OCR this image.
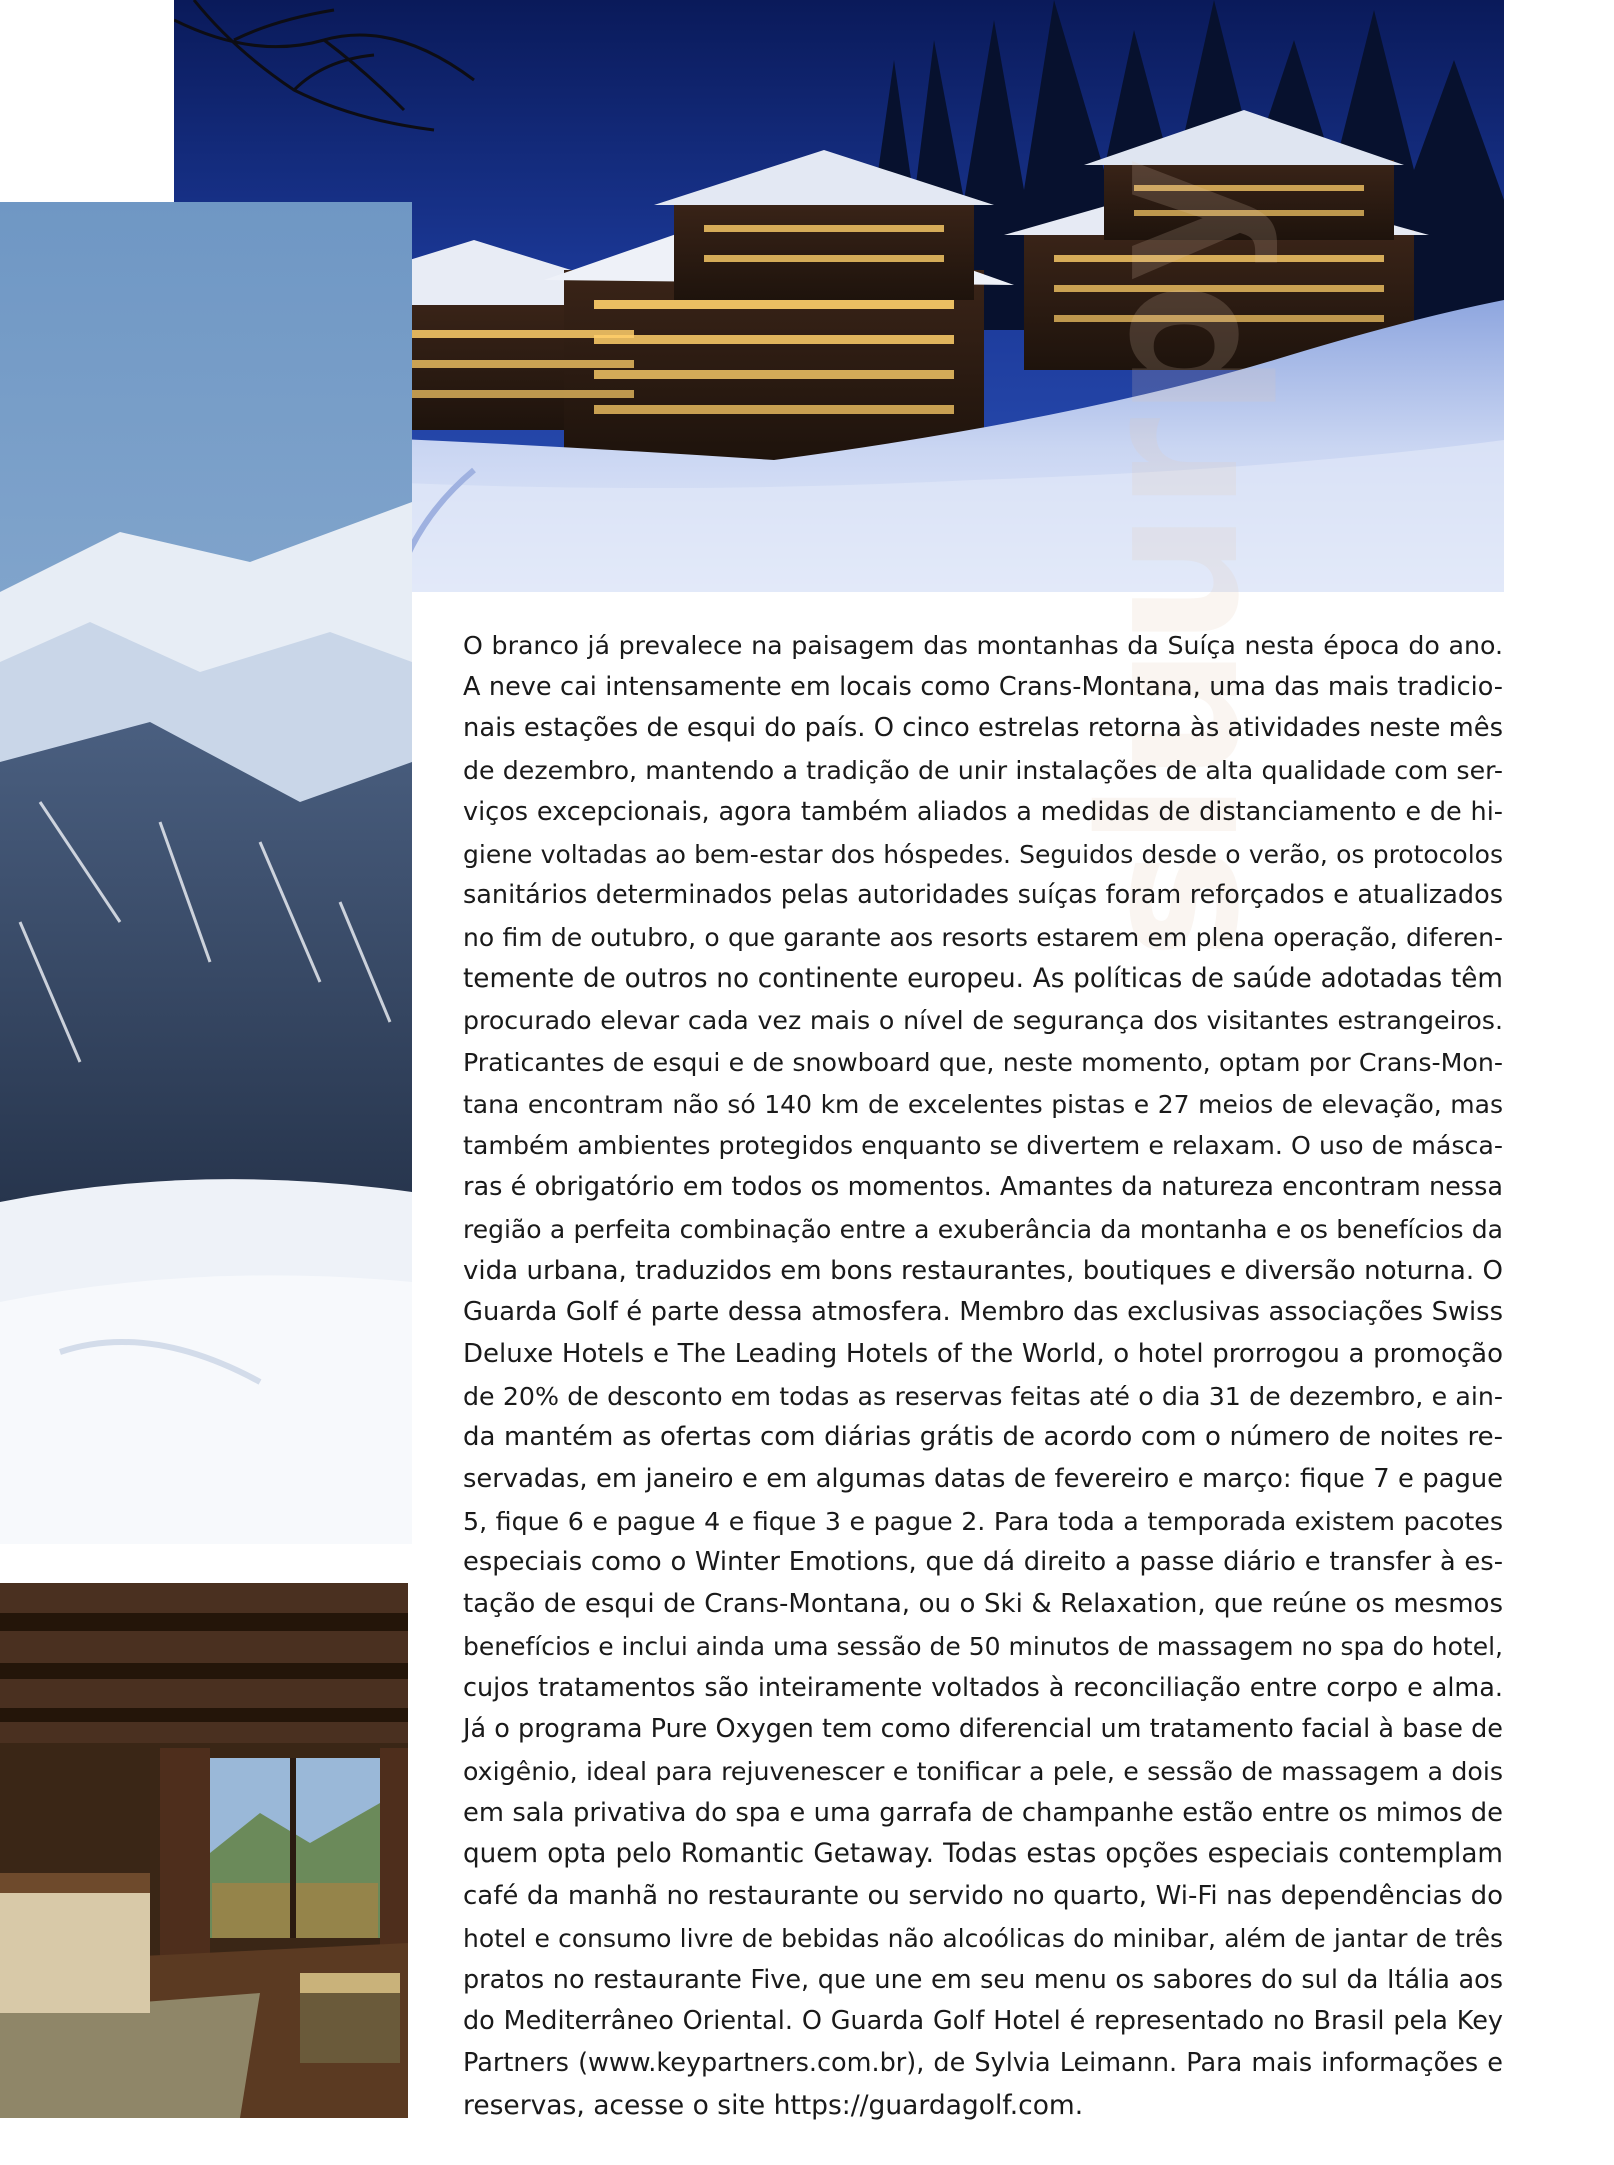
O branco já prevalece na paisagem das montanhas da Suíça nesta época do ano.
A neve cai intensamente em locais como Crans-Montana, uma das mais tradicio-
nais estações de esqui do país. O cinco estrelas retorna às atividades neste mês
de dezembro, mantendo a tradição de unir instalações de alta qualidade com ser-
viços excepcionais, agora também aliados a medidas de distanciamento e de hi-
giene voltadas ao bem-estar dos hóspedes. Seguidos desde o verão, os protocolos
sanitários determinados pelas autoridades suíças foram reforçados e atualizados
no fim de outubro, o que garante aos resorts estarem em plena operação, diferen-
temente de outros no continente europeu. As políticas de saúde adotadas têm
procurado elevar cada vez mais o nível de segurança dos visitantes estrangeiros.
Praticantes de esqui e de snowboard que, neste momento, optam por Crans-Mon-
tana encontram não só 140 km de excelentes pistas e 27 meios de elevação, mas
também ambientes protegidos enquanto se divertem e relaxam. O uso de másca-
ras é obrigatório em todos os momentos. Amantes da natureza encontram nessa
região a perfeita combinação entre a exuberância da montanha e os benefícios da
vida urbana, traduzidos em bons restaurantes, boutiques e diversão noturna. O
Guarda Golf é parte dessa atmosfera. Membro das exclusivas associações Swiss
Deluxe Hotels e The Leading Hotels of the World, o hotel prorrogou a promoção
de 20% de desconto em todas as reservas feitas até o dia 31 de dezembro, e ain-
da mantém as ofertas com diárias grátis de acordo com o número de noites re-
servadas, em janeiro e em algumas datas de fevereiro e março: fique 7 e pague
5, fique 6 e pague 4 e fique 3 e pague 2. Para toda a temporada existem pacotes
especiais como o Winter Emotions, que dá direito a passe diário e transfer à es-
tação de esqui de Crans-Montana, ou o Ski & Relaxation, que reúne os mesmos
benefícios e inclui ainda uma sessão de 50 minutos de massagem no spa do hotel,
cujos tratamentos são inteiramente voltados à reconciliação entre corpo e alma.
Já o programa Pure Oxygen tem como diferencial um tratamento facial à base de
oxigênio, ideal para rejuvenescer e tonificar a pele, e sessão de massagem a dois
em sala privativa do spa e uma garrafa de champanhe estão entre os mimos de
quem opta pelo Romantic Getaway. Todas estas opções especiais contemplam
café da manhã no restaurante ou servido no quarto, Wi-Fi nas dependências do
hotel e consumo livre de bebidas não alcoólicas do minibar, além de jantar de três
pratos no restaurante Five, que une em seu menu os sabores do sul da Itália aos
do Mediterrâneo Oriental. O Guarda Golf Hotel é representado no Brasil pela Key
Partners (www.keypartners.com.br), de Sylvia Leimann. Para mais informações e
reservas, acesse o site https://guardagolf.com.
